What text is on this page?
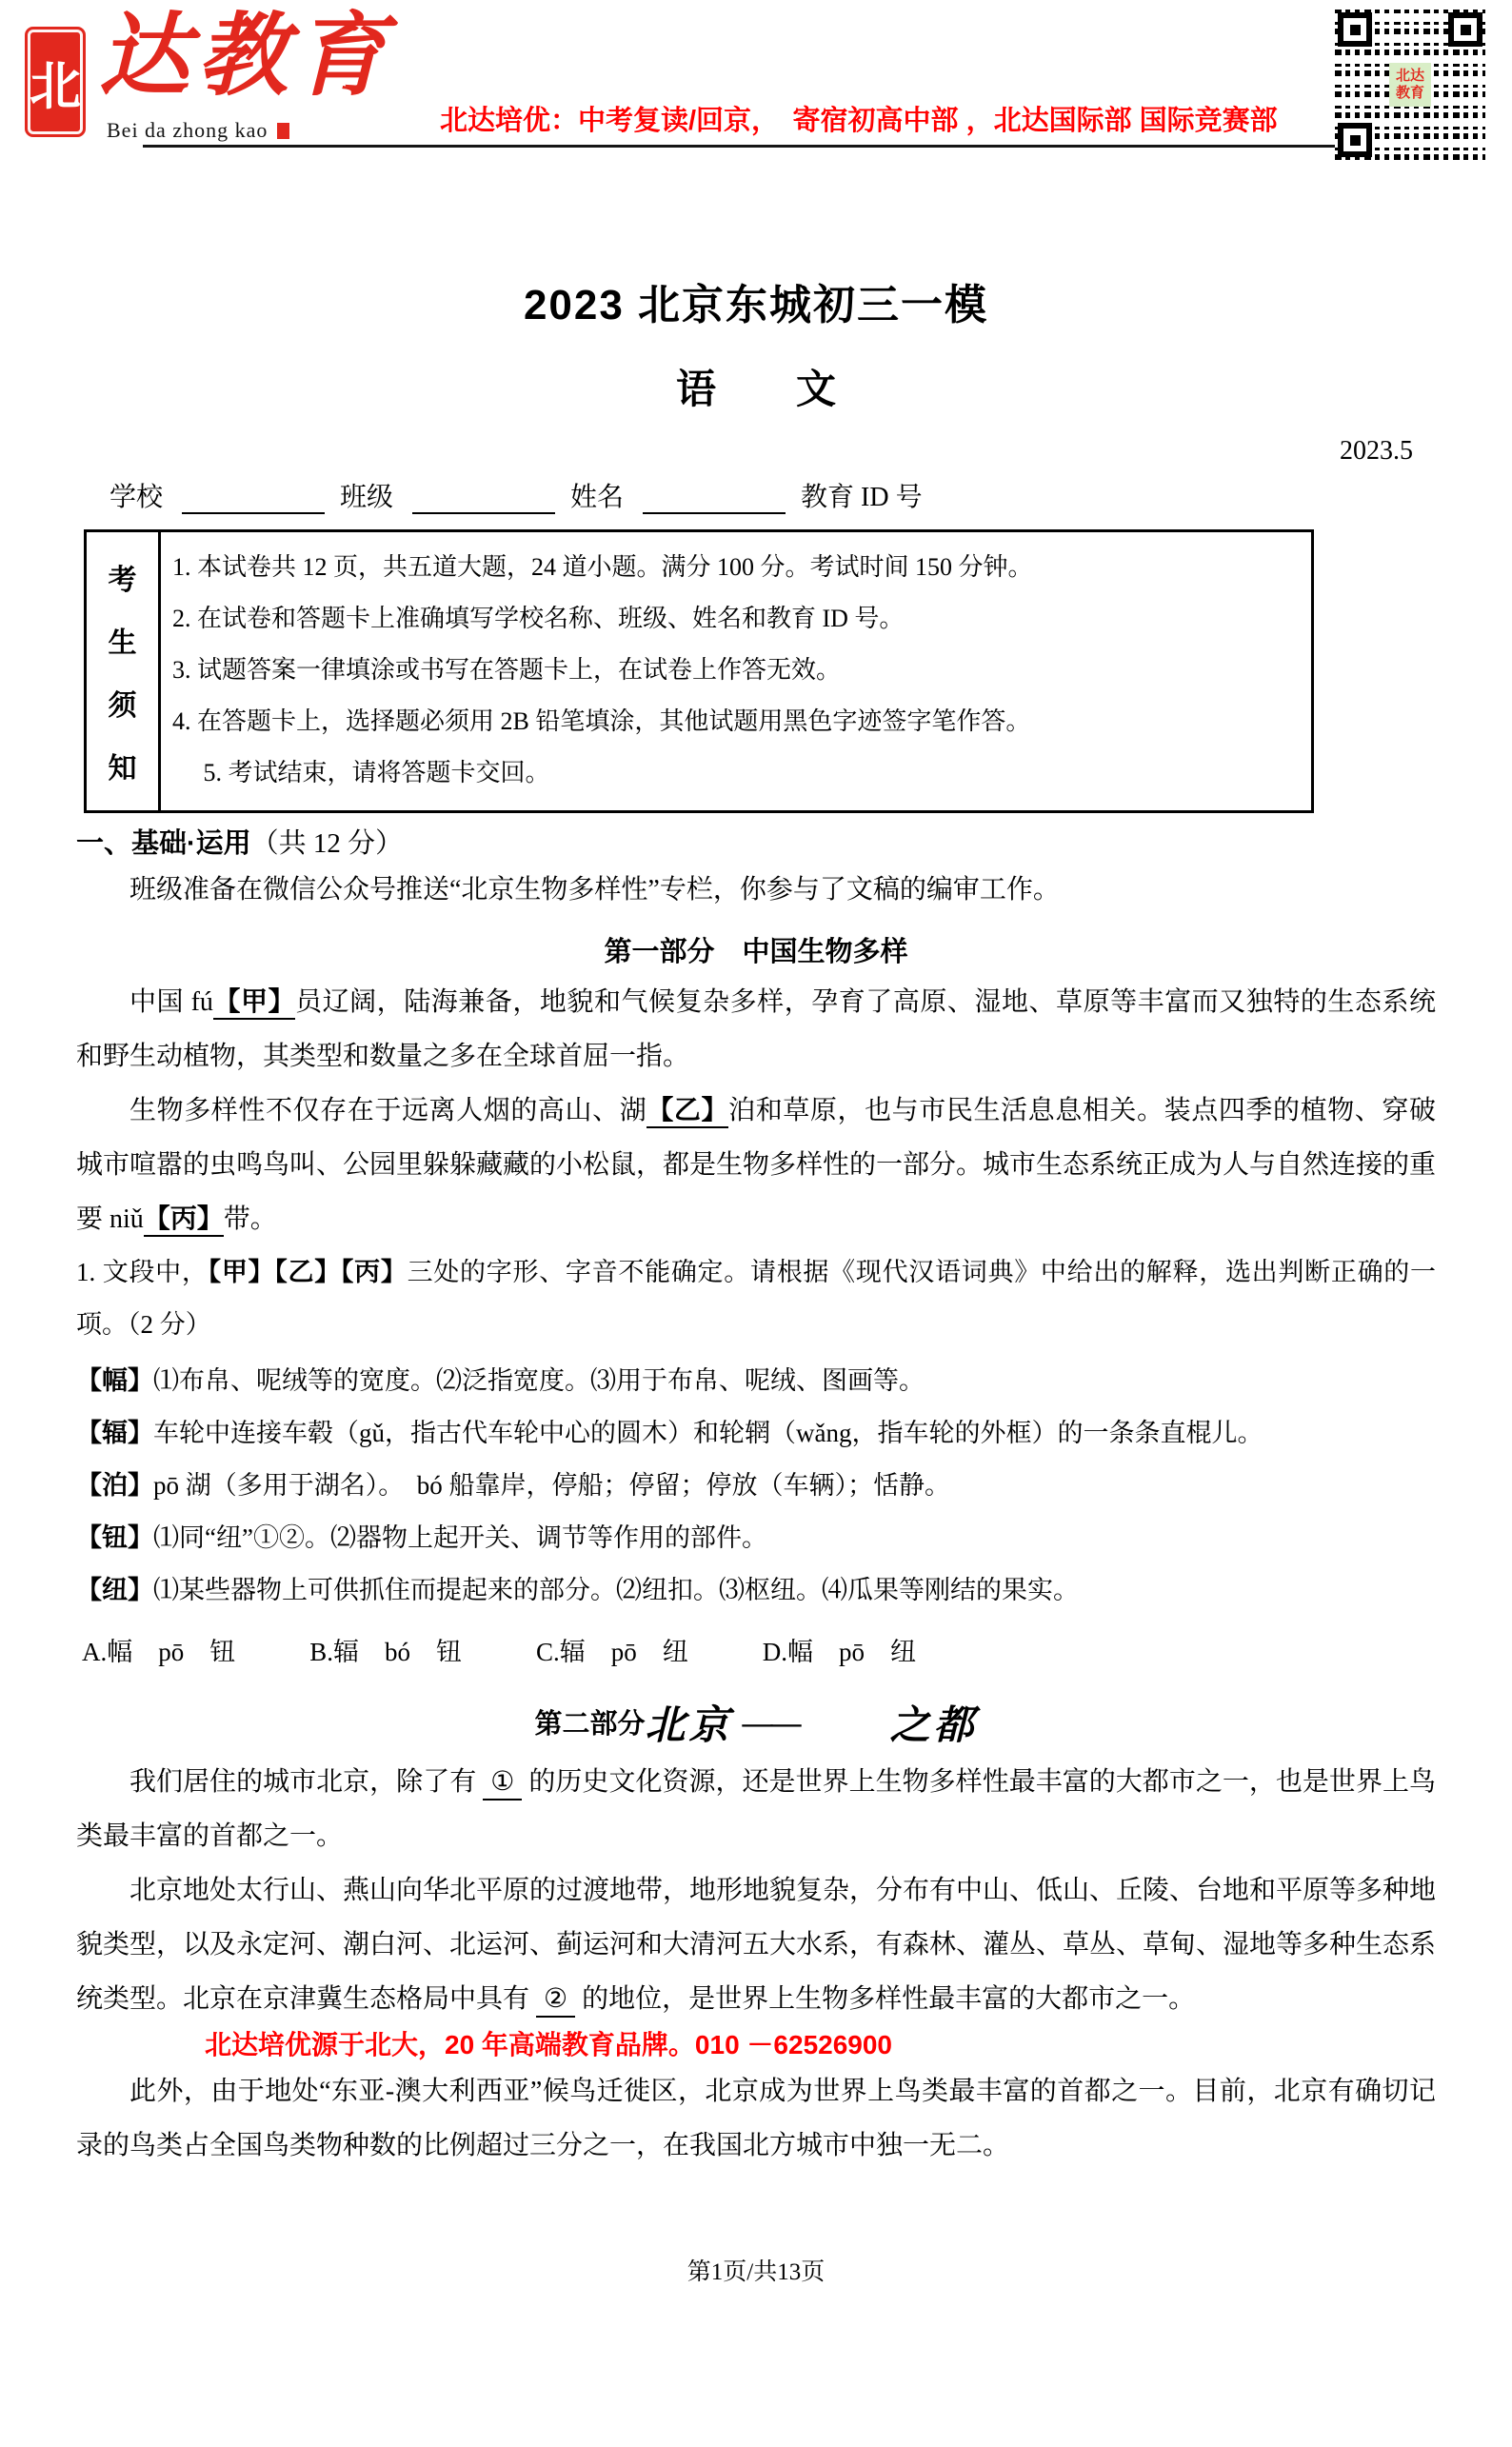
北 达教育
Bei da zhong kao	北达培优：中考复读/回京，　寄宿初高中部 ，北达国际部 国际竞赛部
北达
教育
2023 北京东城初三一模
语　　文
2023.5
学校	班级	姓名	教育 ID 号
考
生
须
知

1. 本试卷共 12 页，共五道大题，24 道小题。满分 100 分。考试时间 150 分钟。

2. 在试卷和答题卡上准确填写学校名称、班级、姓名和教育 ID 号。

3. 试题答案一律填涂或书写在答题卡上，在试卷上作答无效。

4. 在答题卡上，选择题必须用 2B 铅笔填涂，其他试题用黑色字迹签字笔作答。

　 5. 考试结束，请将答题卡交回。

一、基础·运用（共 12 分）

班级准备在微信公众号推送“北京生物多样性”专栏，你参与了文稿的编审工作。

第一部分　中国生物多样

中国 fú【甲】员辽阔，陆海兼备，地貌和气候复杂多样，孕育了高原、湿地、草原等丰富而又独特的生态系统和野生动植物，其类型和数量之多在全球首屈一指。

生物多样性不仅存在于远离人烟的高山、湖【乙】泊和草原，也与市民生活息息相关。装点四季的植物、穿破城市喧嚣的虫鸣鸟叫、公园里躲躲藏藏的小松鼠，都是生物多样性的一部分。城市生态系统正成为人与自然连接的重要 niǔ【丙】带。

1. 文段中，【甲】【乙】【丙】三处的字形、字音不能确定。请根据《现代汉语词典》中给出的解释，选出判断正确的一项。（2 分）

【幅】⑴布帛、呢绒等的宽度。⑵泛指宽度。⑶用于布帛、呢绒、图画等。

【辐】车轮中连接车毂（gǔ，指古代车轮中心的圆木）和轮辋（wǎng，指车轮的外框）的一条条直棍儿。

【泊】pō 湖（多用于湖名）。　bó 船靠岸，停船；停留；停放（车辆）；恬静。

【钮】⑴同“纽”①②。⑵器物上起开关、调节等作用的部件。

【纽】⑴某些器物上可供抓住而提起来的部分。⑵纽扣。⑶枢纽。⑷瓜果等刚结的果实。

A.幅　pō　钮	B.辐　bó　钮	C.辐　pō　纽	D.幅　pō　纽
第二部分北京 —— 之都

我们居住的城市北京，除了有 ① 的历史文化资源，还是世界上生物多样性最丰富的大都市之一，也是世界上鸟类最丰富的首都之一。

北京地处太行山、燕山向华北平原的过渡地带，地形地貌复杂，分布有中山、低山、丘陵、台地和平原等多种地貌类型，以及永定河、潮白河、北运河、蓟运河和大清河五大水系，有森林、灌丛、草丛、草甸、湿地等多种生态系统类型。北京在京津冀生态格局中具有 ② 的地位，是世界上生物多样性最丰富的大都市之一。

北达培优源于北大，20 年高端教育品牌。010 －62526900

此外，由于地处“东亚-澳大利西亚”候鸟迁徙区，北京成为世界上鸟类最丰富的首都之一。目前，北京有确切记录的鸟类占全国鸟类物种数的比例超过三分之一，在我国北方城市中独一无二。

第1页/共13页
